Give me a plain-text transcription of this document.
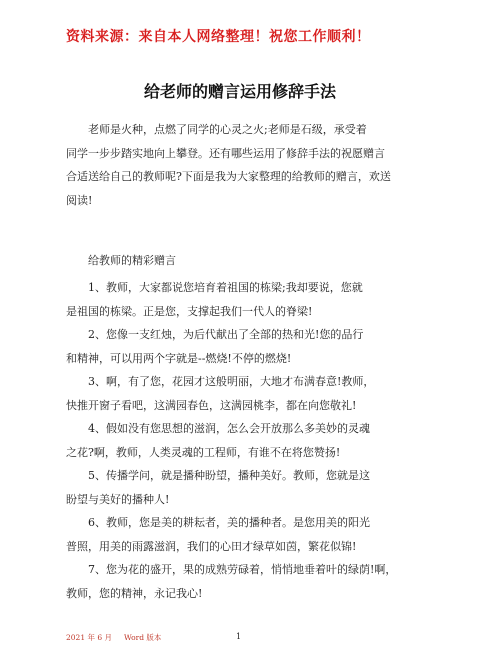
资料来源：来自本人网络整理！祝您工作顺利！
给老师的赠言运用修辞手法
老师是火种，点燃了同学的心灵之火;老师是石级，承受着
同学一步步踏实地向上攀登。还有哪些运用了修辞手法的祝愿赠言
合适送给自己的教师呢?下面是我为大家整理的给教师的赠言，欢送
阅读!
给教师的精彩赠言
1、教师，大家都说您培育着祖国的栋梁;我却要说，您就
是祖国的栋梁。正是您，支撑起我们一代人的脊梁!
2、您像一支红烛，为后代献出了全部的热和光!您的品行
和精神，可以用两个字就是--燃烧!不停的燃烧!
3、啊，有了您，花园才这般明丽，大地才布满春意!教师，
快推开窗子看吧，这满园春色，这满园桃李，都在向您敬礼!
4、假如没有您思想的滋润，怎么会开放那么多美妙的灵魂
之花?啊，教师，人类灵魂的工程师，有谁不在将您赞扬!
5、传播学问，就是播种盼望，播种美好。教师，您就是这
盼望与美好的播种人!
6、教师，您是美的耕耘者，美的播种者。是您用美的阳光
普照，用美的雨露滋润，我们的心田才绿草如茵，繁花似锦!
7、您为花的盛开，果的成熟劳碌着，悄悄地垂着叶的绿荫!啊，
教师，您的精神，永记我心!
2021 年 6 月 Word 版本	1
